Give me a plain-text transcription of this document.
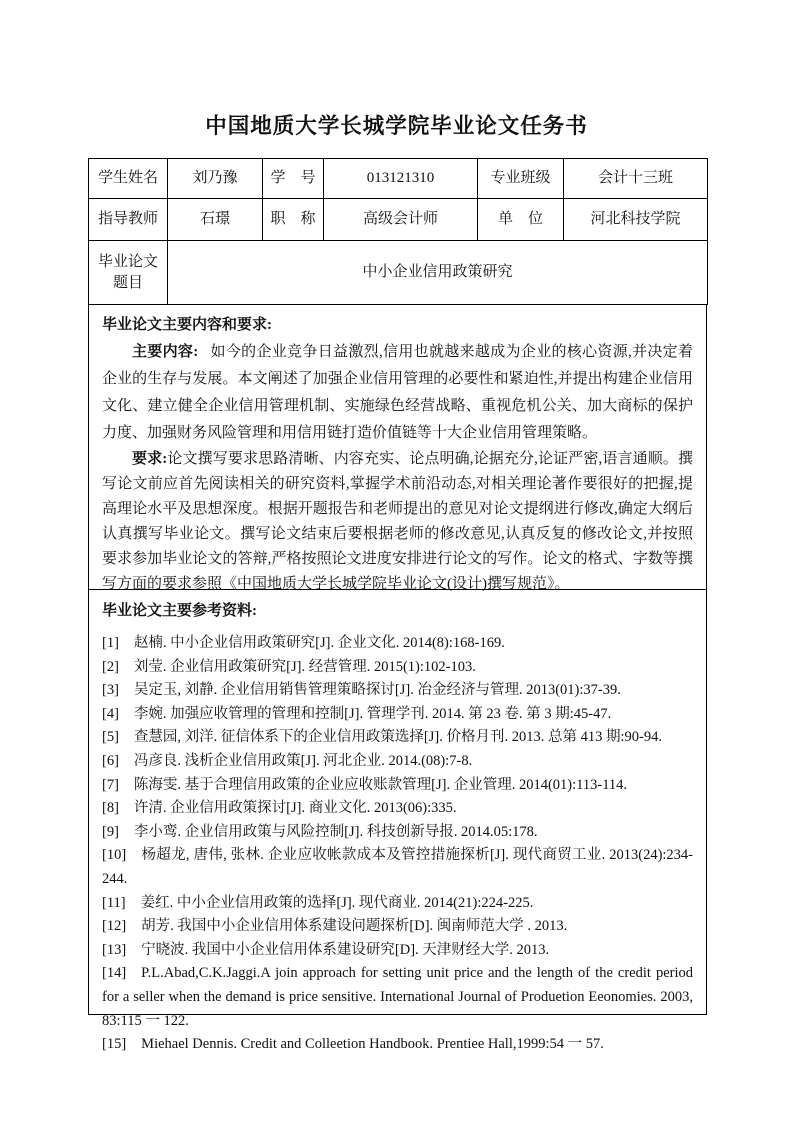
中国地质大学长城学院毕业论文任务书
学生姓名	刘乃豫	学　号	013121310	专业班级	会计十三班
指导教师	石璟	职　称	高级会计师	单　位	河北科技学院
毕业论文题目	中小企业信用政策研究				

毕业论文主要内容和要求:

主要内容: 如今的企业竞争日益激烈,信用也就越来越成为企业的核心资源,并决定着企业的生存与发展。本文阐述了加强企业信用管理的必要性和紧迫性,并提出构建企业信用文化、建立健全企业信用管理机制、实施绿色经营战略、重视危机公关、加大商标的保护力度、加强财务风险管理和用信用链打造价值链等十大企业信用管理策略。

要求:论文撰写要求思路清晰、内容充实、论点明确,论据充分,论证严密,语言通顺。撰写论文前应首先阅读相关的研究资料,掌握学术前沿动态,对相关理论著作要很好的把握,提高理论水平及思想深度。根据开题报告和老师提出的意见对论文提纲进行修改,确定大纲后认真撰写毕业论文。撰写论文结束后要根据老师的修改意见,认真反复的修改论文,并按照要求参加毕业论文的答辩,严格按照论文进度安排进行论文的写作。论文的格式、字数等撰写方面的要求参照《中国地质大学长城学院毕业论文(设计)撰写规范》。

毕业论文主要参考资料:

[1] 赵楠. 中小企业信用政策研究[J]. 企业文化. 2014(8):168-169.

[2] 刘莹. 企业信用政策研究[J]. 经营管理. 2015(1):102-103.

[3] 吴定玉, 刘静. 企业信用销售管理策略探讨[J]. 冶金经济与管理. 2013(01):37-39.

[4] 李婉. 加强应收管理的管理和控制[J]. 管理学刊. 2014. 第 23 卷. 第 3 期:45-47.

[5] 查慧园, 刘洋. 征信体系下的企业信用政策选择[J]. 价格月刊. 2013. 总第 413 期:90-94.

[6] 冯彦良. 浅析企业信用政策[J]. 河北企业. 2014.(08):7-8.

[7] 陈海雯. 基于合理信用政策的企业应收账款管理[J]. 企业管理. 2014(01):113-114.

[8] 许清. 企业信用政策探讨[J]. 商业文化. 2013(06):335.

[9] 李小鸾. 企业信用政策与风险控制[J]. 科技创新导报. 2014.05:178.

[10] 杨超龙, 唐伟, 张林. 企业应收帐款成本及管控措施探析[J]. 现代商贸工业. 2013(24):234-244.

[11] 姜红. 中小企业信用政策的选择[J]. 现代商业. 2014(21):224-225.

[12] 胡芳. 我国中小企业信用体系建设问题探析[D]. 闽南师范大学 . 2013.

[13] 宁晓波. 我国中小企业信用体系建设研究[D]. 天津财经大学. 2013.

[14] P.L.Abad,C.K.Jaggi.A join approach for setting unit price and the length of the credit period for a seller when the demand is price sensitive. International Journal of Produetion Eeonomies. 2003, 83:115 一 122.

[15] Miehael Dennis. Credit and Colleetion Handbook. Prentiee Hall,1999:54 一 57.
